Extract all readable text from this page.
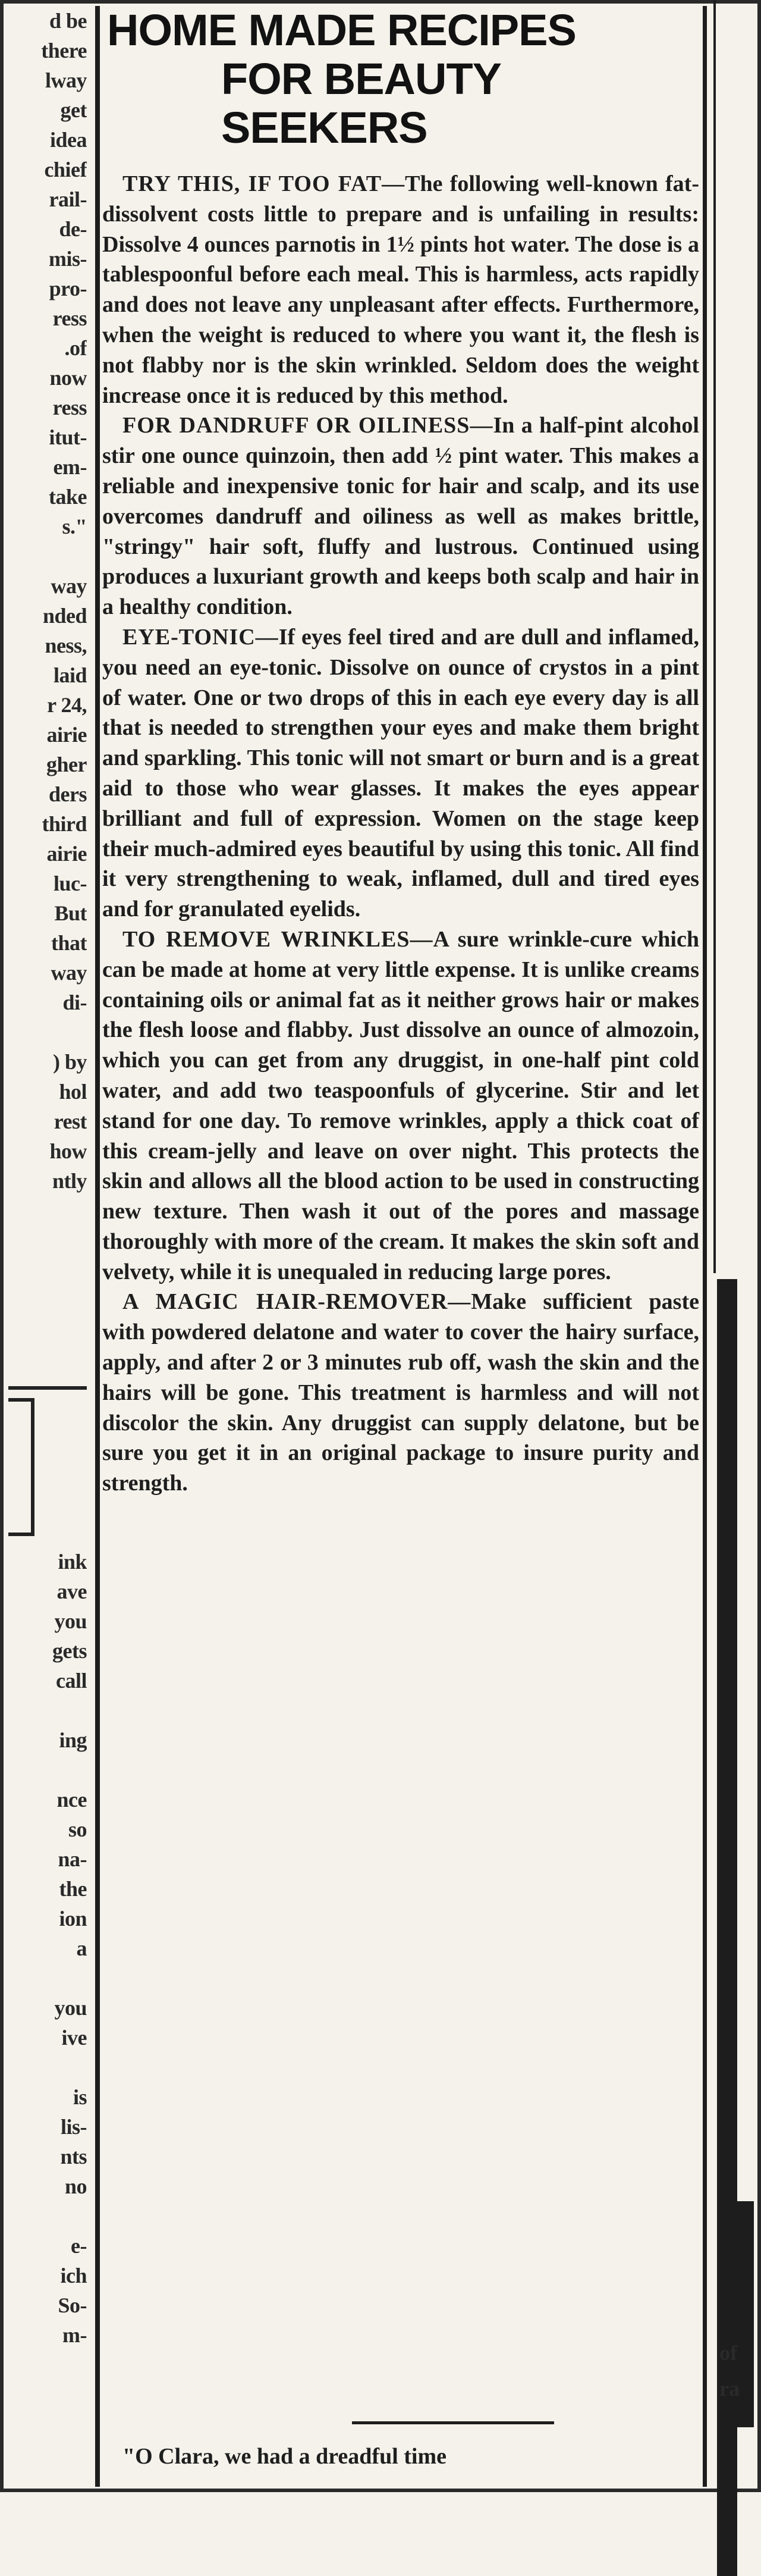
d be
there
lway
get
idea
chief
rail-
de-
mis-
pro-
ress
.of
now
ress
itut-
em-
take
s."

way
nded
ness,
laid
r 24,
airie
gher
ders
third
airie
luc-
But
that
way
di-

) by
hol
rest
how
ntly
ink
ave
you
gets
call

ing

nce
so
na-
the
ion
a

you
ive

is
lis-
nts
no

e-
ich
So-
m-
of
ra
HOME MADE RECIPES
FOR BEAUTY SEEKERS

TRY THIS, IF TOO FAT—The following well-known fat-dissolvent costs little to prepare and is unfailing in results: Dissolve 4 ounces parnotis in 1½ pints hot water. The dose is a tablespoonful before each meal. This is harmless, acts rapidly and does not leave any unpleasant after effects. Furthermore, when the weight is reduced to where you want it, the flesh is not flabby nor is the skin wrinkled. Seldom does the weight increase once it is reduced by this method.

FOR DANDRUFF OR OILINESS—In a half-pint alcohol stir one ounce quinzoin, then add ½ pint water. This makes a reliable and inexpensive tonic for hair and scalp, and its use overcomes dandruff and oiliness as well as makes brittle, "stringy" hair soft, fluffy and lustrous. Continued using produces a luxuriant growth and keeps both scalp and hair in a healthy condition.

EYE-TONIC—If eyes feel tired and are dull and inflamed, you need an eye-tonic. Dissolve on ounce of crystos in a pint of water. One or two drops of this in each eye every day is all that is needed to strengthen your eyes and make them bright and sparkling. This tonic will not smart or burn and is a great aid to those who wear glasses. It makes the eyes appear brilliant and full of expression. Women on the stage keep their much-admired eyes beautiful by using this tonic. All find it very strengthening to weak, inflamed, dull and tired eyes and for granulated eyelids.

TO REMOVE WRINKLES—A sure wrinkle-cure which can be made at home at very little expense. It is unlike creams containing oils or animal fat as it neither grows hair or makes the flesh loose and flabby. Just dissolve an ounce of almozoin, which you can get from any druggist, in one-half pint cold water, and add two teaspoonfuls of glycerine. Stir and let stand for one day. To remove wrinkles, apply a thick coat of this cream-jelly and leave on over night. This protects the skin and allows all the blood action to be used in constructing new texture. Then wash it out of the pores and massage thoroughly with more of the cream. It makes the skin soft and velvety, while it is unequaled in reducing large pores.

A MAGIC HAIR-REMOVER—Make sufficient paste with powdered delatone and water to cover the hairy surface, apply, and after 2 or 3 minutes rub off, wash the skin and the hairs will be gone. This treatment is harmless and will not discolor the skin. Any druggist can supply delatone, but be sure you get it in an original package to insure purity and strength.

"O Clara, we had a dreadful time
